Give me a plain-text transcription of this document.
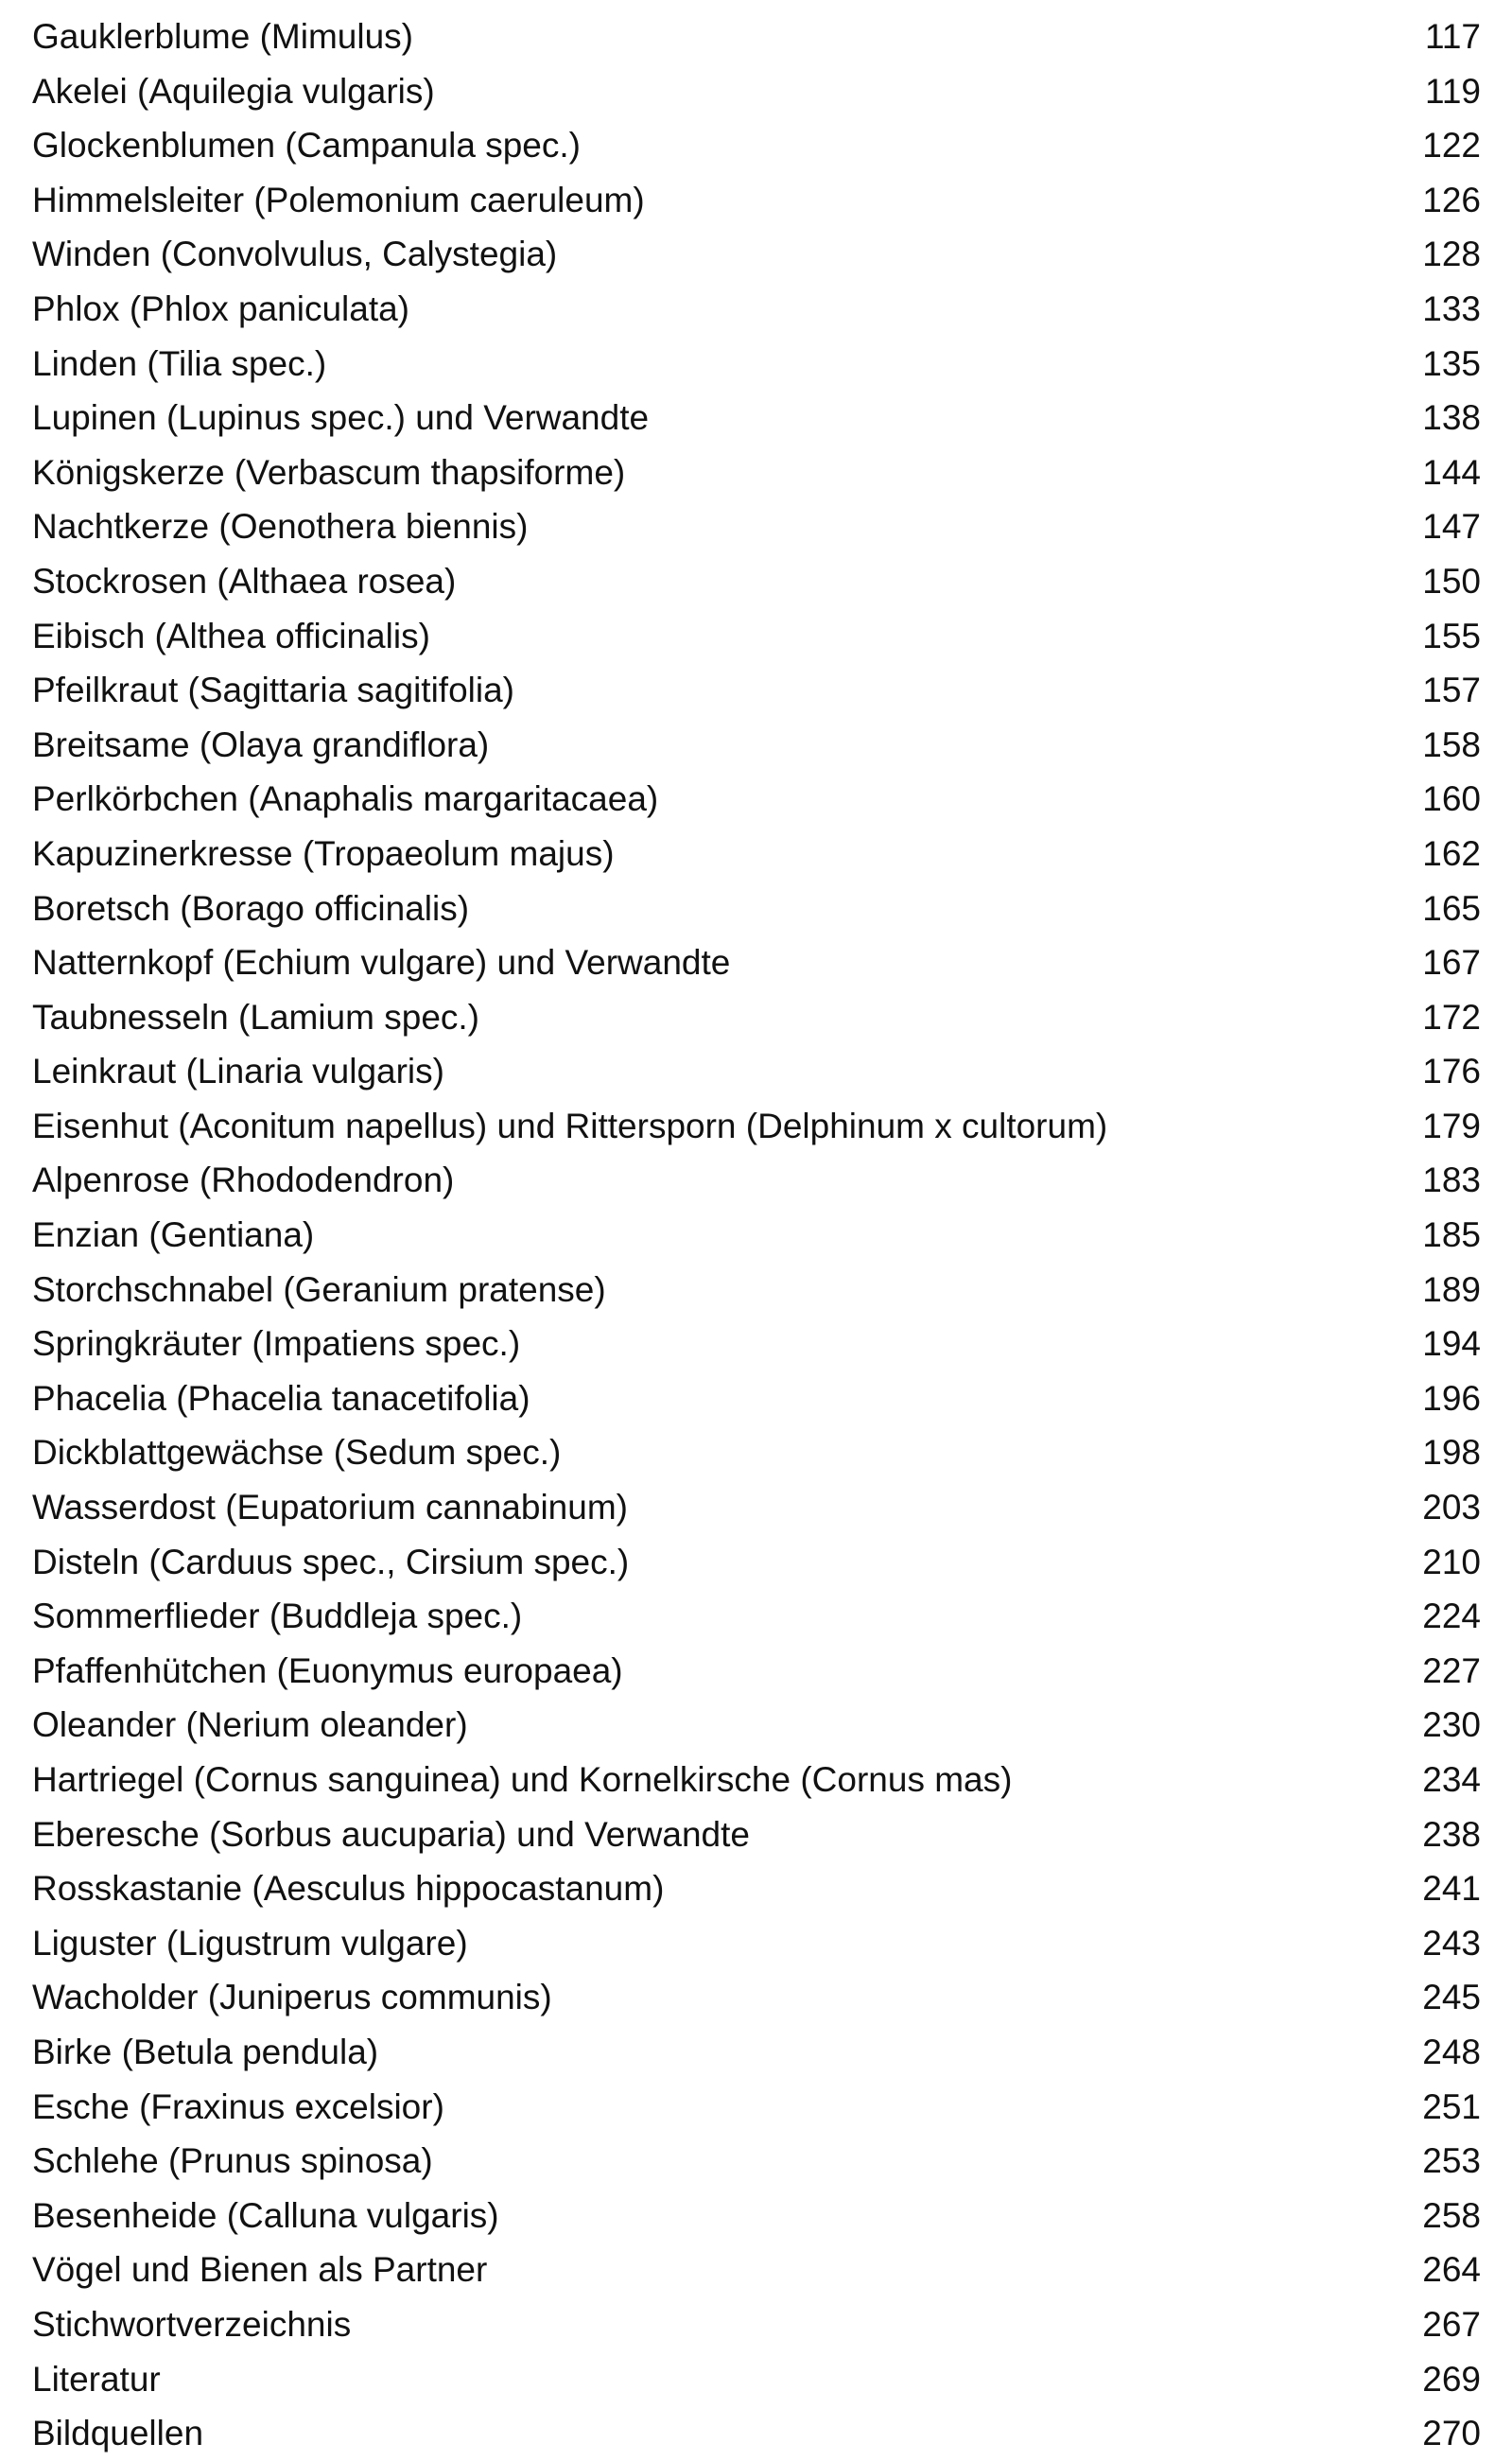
Gauklerblume (Mimulus)	117
Akelei (Aquilegia vulgaris)	119
Glockenblumen (Campanula spec.)	122
Himmelsleiter (Polemonium caeruleum)	126
Winden (Convolvulus, Calystegia)	128
Phlox (Phlox paniculata)	133
Linden (Tilia spec.)	135
Lupinen (Lupinus spec.) und Verwandte	138
Königskerze (Verbascum thapsiforme)	144
Nachtkerze (Oenothera biennis)	147
Stockrosen (Althaea rosea)	150
Eibisch (Althea officinalis)	155
Pfeilkraut (Sagittaria sagitifolia)	157
Breitsame (Olaya grandiflora)	158
Perlkörbchen (Anaphalis margaritacaea)	160
Kapuzinerkresse (Tropaeolum majus)	162
Boretsch (Borago officinalis)	165
Natternkopf (Echium vulgare) und Verwandte	167
Taubnesseln (Lamium spec.)	172
Leinkraut (Linaria vulgaris)	176
Eisenhut (Aconitum napellus) und Rittersporn (Delphinum x cultorum)	179
Alpenrose (Rhododendron)	183
Enzian (Gentiana)	185
Storchschnabel (Geranium pratense)	189
Springkräuter (Impatiens spec.)	194
Phacelia (Phacelia tanacetifolia)	196
Dickblattgewächse (Sedum spec.)	198
Wasserdost (Eupatorium cannabinum)	203
Disteln (Carduus spec., Cirsium spec.)	210
Sommerflieder (Buddleja spec.)	224
Pfaffenhütchen (Euonymus europaea)	227
Oleander (Nerium oleander)	230
Hartriegel (Cornus sanguinea) und Kornelkirsche (Cornus mas)	234
Eberesche (Sorbus aucuparia) und Verwandte	238
Rosskastanie (Aesculus hippocastanum)	241
Liguster (Ligustrum vulgare)	243
Wacholder (Juniperus communis)	245
Birke (Betula pendula)	248
Esche (Fraxinus excelsior)	251
Schlehe (Prunus spinosa)	253
Besenheide (Calluna vulgaris)	258
Vögel und Bienen als Partner	264
Stichwortverzeichnis	267
Literatur	269
Bildquellen	270
